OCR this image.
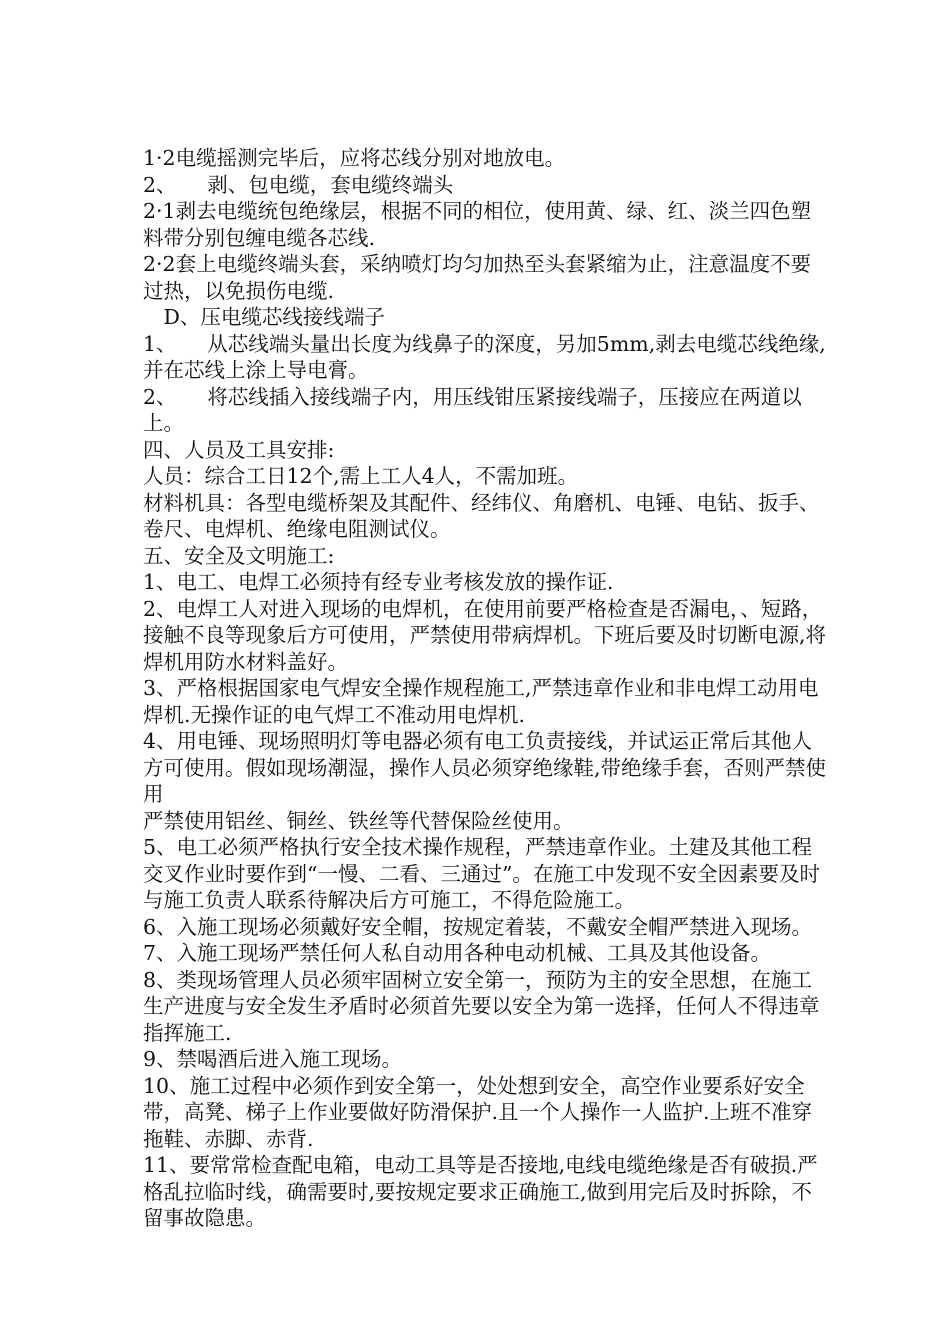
1·2电缆摇测完毕后，应将芯线分别对地放电。

2、　　剥、包电缆，套电缆终端头

2·1剥去电缆统包绝缘层，根据不同的相位，使用黄、绿、红、淡兰四色塑料带分别包缠电缆各芯线.

2·2套上电缆终端头套，采纳喷灯均匀加热至头套紧缩为止，注意温度不要过热，以免损伤电缆.

　D、压电缆芯线接线端子

1、　　从芯线端头量出长度为线鼻子的深度，另加5mm,剥去电缆芯线绝缘,并在芯线上涂上导电膏。

2、　　将芯线插入接线端子内，用压线钳压紧接线端子，压接应在两道以上。

四、人员及工具安排:

人员：综合工日12个,需上工人4人，不需加班。

材料机具：各型电缆桥架及其配件、经纬仪、角磨机、电锤、电钻、扳手、卷尺、电焊机、绝缘电阻测试仪。

五、安全及文明施工:

1、电工、电焊工必须持有经专业考核发放的操作证.

2、电焊工人对进入现场的电焊机，在使用前要严格检查是否漏电，、短路，接触不良等现象后方可使用，严禁使用带病焊机。下班后要及时切断电源,将焊机用防水材料盖好。

3、严格根据国家电气焊安全操作规程施工,严禁违章作业和非电焊工动用电焊机.无操作证的电气焊工不准动用电焊机.

4、用电锤、现场照明灯等电器必须有电工负责接线，并试运正常后其他人方可使用。假如现场潮湿，操作人员必须穿绝缘鞋,带绝缘手套，否则严禁使用

严禁使用铝丝、铜丝、铁丝等代替保险丝使用。

5、电工必须严格执行安全技术操作规程，严禁违章作业。土建及其他工程交叉作业时要作到“一慢、二看、三通过”。在施工中发现不安全因素要及时与施工负责人联系待解决后方可施工，不得危险施工。

6、入施工现场必须戴好安全帽，按规定着装，不戴安全帽严禁进入现场。

7、入施工现场严禁任何人私自动用各种电动机械、工具及其他设备。

8、类现场管理人员必须牢固树立安全第一，预防为主的安全思想，在施工生产进度与安全发生矛盾时必须首先要以安全为第一选择，任何人不得违章指挥施工.

9、禁喝酒后进入施工现场。

10、施工过程中必须作到安全第一，处处想到安全，高空作业要系好安全带，高凳、梯子上作业要做好防滑保护.且一个人操作一人监护.上班不准穿拖鞋、赤脚、赤背.

11、要常常检查配电箱，电动工具等是否接地,电线电缆绝缘是否有破损.严格乱拉临时线，确需要时,要按规定要求正确施工,做到用完后及时拆除，不留事故隐患。
